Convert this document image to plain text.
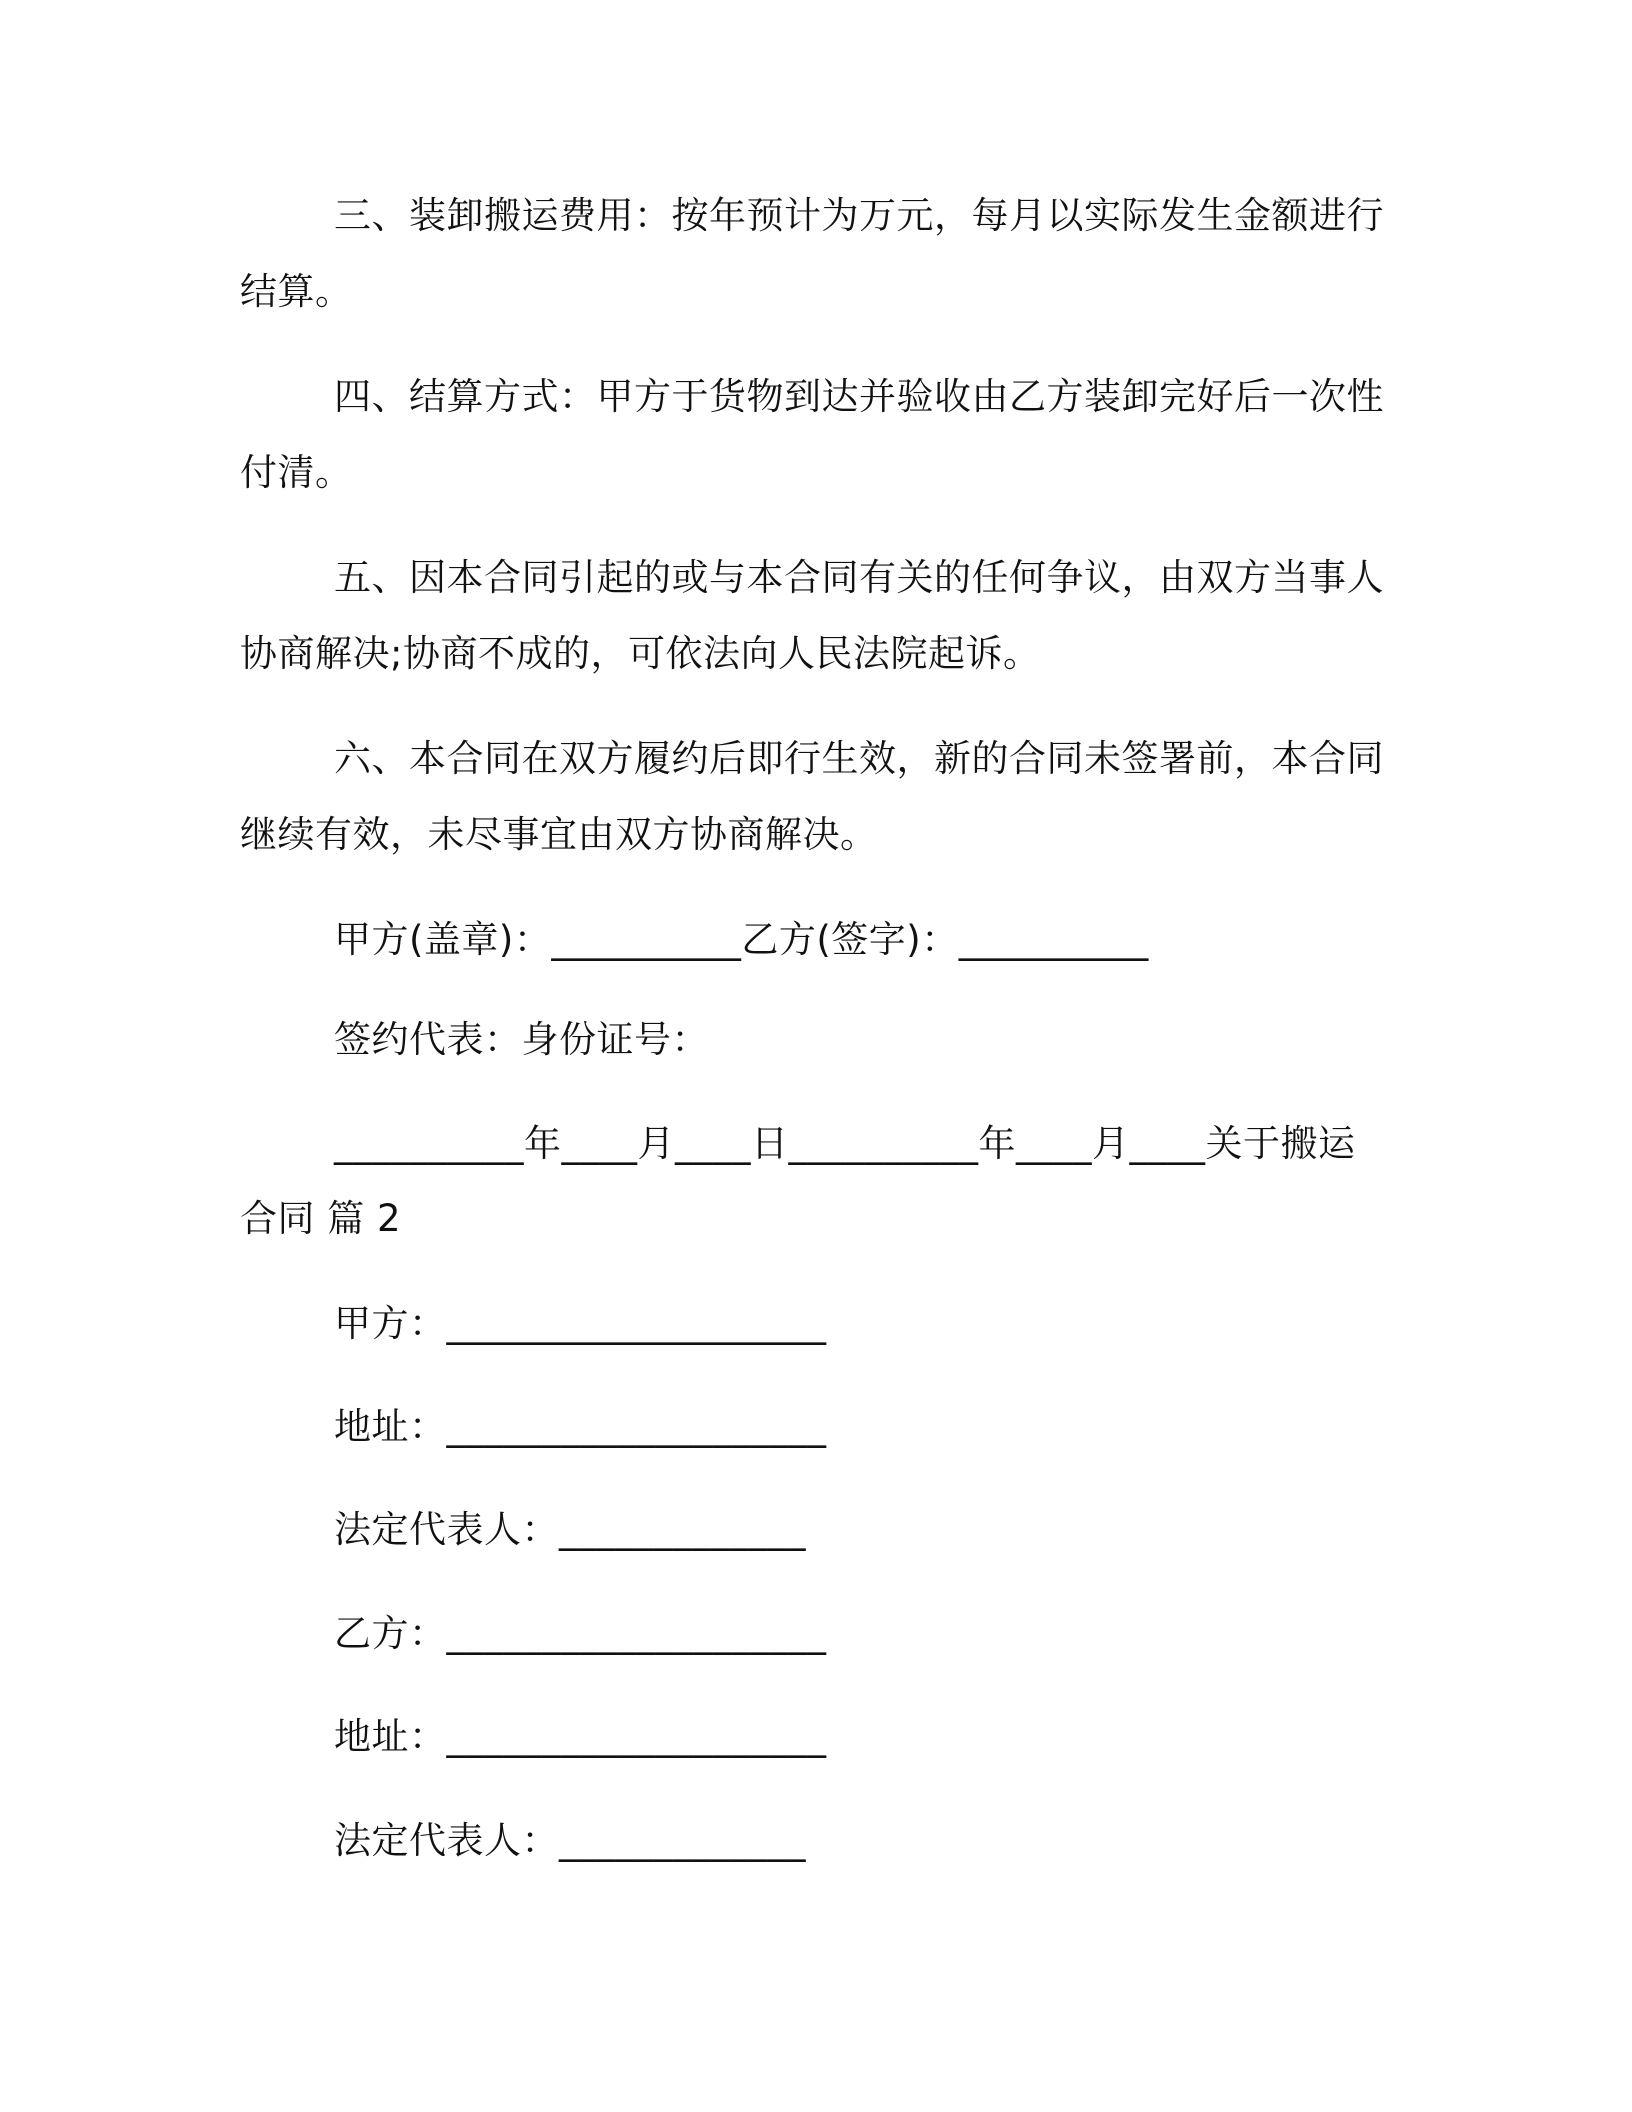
三、装卸搬运费用：按年预计为万元，每月以实际发生金额进行
结算。
四、结算方式：甲方于货物到达并验收由乙方装卸完好后一次性
付清。
五、因本合同引起的或与本合同有关的任何争议，由双方当事人
协商解决;协商不成的，可依法向人民法院起诉。
六、本合同在双方履约后即行生效，新的合同未签署前，本合同
继续有效，未尽事宜由双方协商解决。
甲方(盖章)：__________乙方(签字)：__________
签约代表：身份证号：
__________年____月____日__________年____月____关于搬运
合同 篇 2
甲方：____________________
地址：____________________
法定代表人：_____________
乙方：____________________
地址：____________________
法定代表人：_____________
